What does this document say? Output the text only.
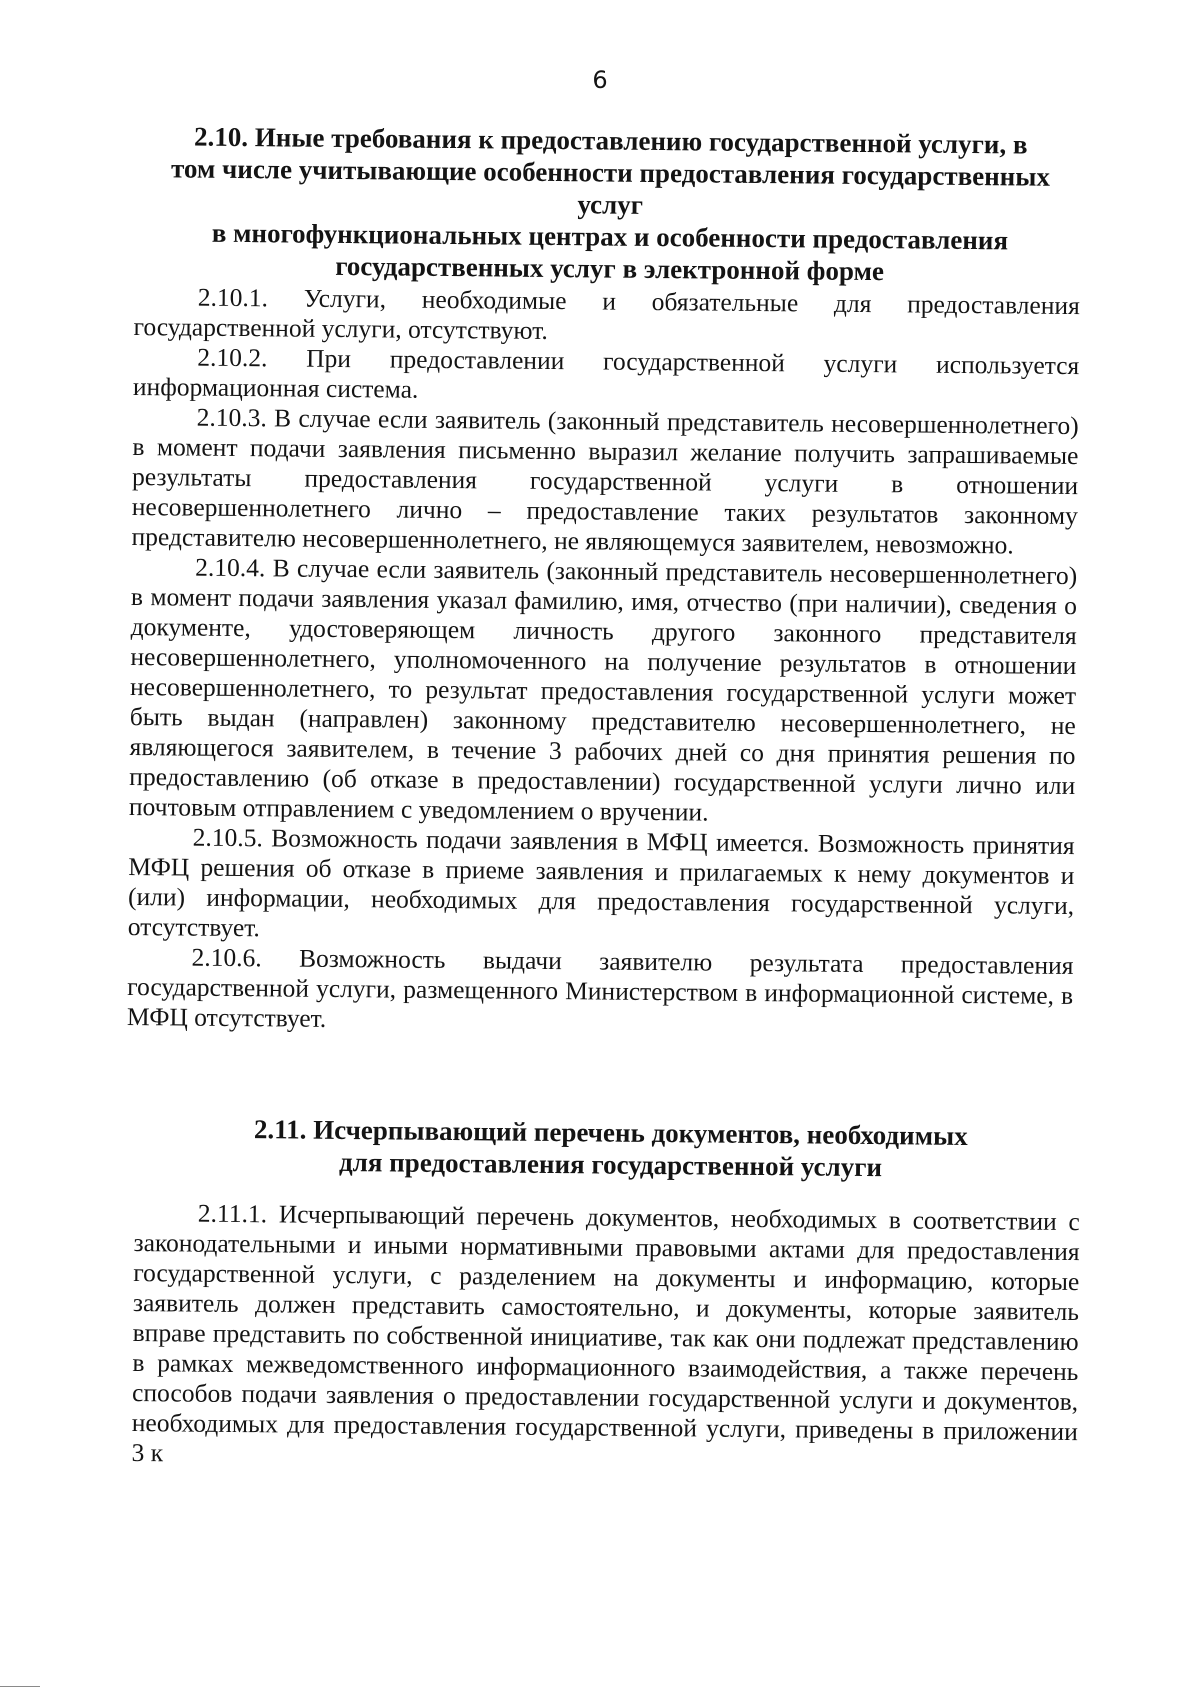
6
2.10. Иные требования к предоставлению государственной услуги, в
том числе учитывающие особенности предоставления государственных услуг
в многофункциональных центрах и особенности предоставления
государственных услуг в электронной форме

2.10.1. Услуги, необходимые и обязательные для предоставления государственной услуги, отсутствуют.

2.10.2. При предоставлении государственной услуги используется информационная система.

2.10.3. В случае если заявитель (законный представитель несовершеннолетнего) в момент подачи заявления письменно выразил желание получить запрашиваемые результаты предоставления государственной услуги в отношении несовершеннолетнего лично – предоставление таких результатов законному представителю несовершеннолетнего, не являющемуся заявителем, невозможно.

2.10.4. В случае если заявитель (законный представитель несовершеннолетнего) в момент подачи заявления указал фамилию, имя, отчество (при наличии), сведения о документе, удостоверяющем личность другого законного представителя несовершеннолетнего, уполномоченного на получение результатов в отношении несовершеннолетнего, то результат предоставления государственной услуги может быть выдан (направлен) законному представителю несовершеннолетнего, не являющегося заявителем, в течение 3 рабочих дней со дня принятия решения по предоставлению (об отказе в предоставлении) государственной услуги лично или почтовым отправлением с уведомлением о вручении.

2.10.5. Возможность подачи заявления в МФЦ имеется. Возможность принятия МФЦ решения об отказе в приеме заявления и прилагаемых к нему документов и (или) информации, необходимых для предоставления государственной услуги, отсутствует.

2.10.6. Возможность выдачи заявителю результата предоставления государственной услуги, размещенного Министерством в информационной системе, в МФЦ отсутствует.

2.11. Исчерпывающий перечень документов, необходимых
для предоставления государственной услуги

2.11.1. Исчерпывающий перечень документов, необходимых в соответствии с законодательными и иными нормативными правовыми актами для предоставления государственной услуги, с разделением на документы и информацию, которые заявитель должен представить самостоятельно, и документы, которые заявитель вправе представить по собственной инициативе, так как они подлежат представлению в рамках межведомственного информационного взаимодействия, а также перечень способов подачи заявления о предоставлении государственной услуги и документов, необходимых для предоставления государственной услуги, приведены в приложении 3 к
